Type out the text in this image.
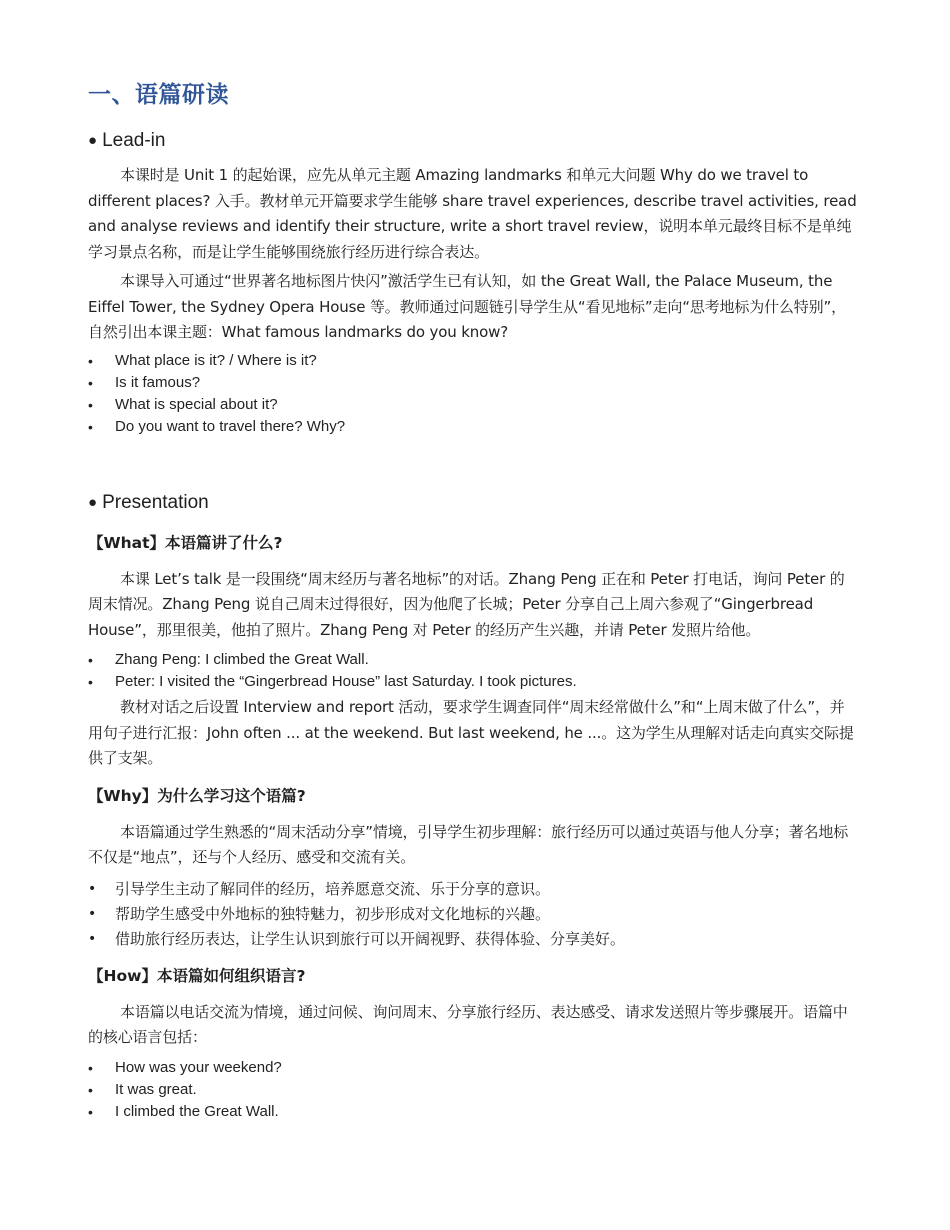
一、语篇研读
● Lead-in

本课时是 Unit 1 的起始课，应先从单元主题 Amazing landmarks 和单元大问题 Why do we travel to different places? 入手。教材单元开篇要求学生能够 share travel experiences, describe travel activities, read and analyse reviews and identify their structure, write a short travel review，说明本单元最终目标不是单纯学习景点名称，而是让学生能够围绕旅行经历进行综合表达。

本课导入可通过“世界著名地标图片快闪”激活学生已有认知，如 the Great Wall, the Palace Museum, the Eiffel Tower, the Sydney Opera House 等。教师通过问题链引导学生从“看见地标”走向“思考地标为什么特别”，自然引出本课主题：What famous landmarks do you know?

• What place is it? / Where is it?
• Is it famous?
• What is special about it?
• Do you want to travel there? Why?
● Presentation
【What】本语篇讲了什么?

本课 Let’s talk 是一段围绕“周末经历与著名地标”的对话。Zhang Peng 正在和 Peter 打电话，询问 Peter 的周末情况。Zhang Peng 说自己周末过得很好，因为他爬了长城；Peter 分享自己上周六参观了“Gingerbread House”，那里很美，他拍了照片。Zhang Peng 对 Peter 的经历产生兴趣，并请 Peter 发照片给他。

• Zhang Peng: I climbed the Great Wall.
• Peter: I visited the “Gingerbread House” last Saturday. I took pictures.

教材对话之后设置 Interview and report 活动，要求学生调查同伴“周末经常做什么”和“上周末做了什么”，并用句子进行汇报：John often ... at the weekend. But last weekend, he ...。这为学生从理解对话走向真实交际提供了支架。

【Why】为什么学习这个语篇?

本语篇通过学生熟悉的“周末活动分享”情境，引导学生初步理解：旅行经历可以通过英语与他人分享；著名地标不仅是“地点”，还与个人经历、感受和交流有关。

• 引导学生主动了解同伴的经历，培养愿意交流、乐于分享的意识。
• 帮助学生感受中外地标的独特魅力，初步形成对文化地标的兴趣。
• 借助旅行经历表达，让学生认识到旅行可以开阔视野、获得体验、分享美好。
【How】本语篇如何组织语言?

本语篇以电话交流为情境，通过问候、询问周末、分享旅行经历、表达感受、请求发送照片等步骤展开。语篇中的核心语言包括：

• How was your weekend?
• It was great.
• I climbed the Great Wall.
